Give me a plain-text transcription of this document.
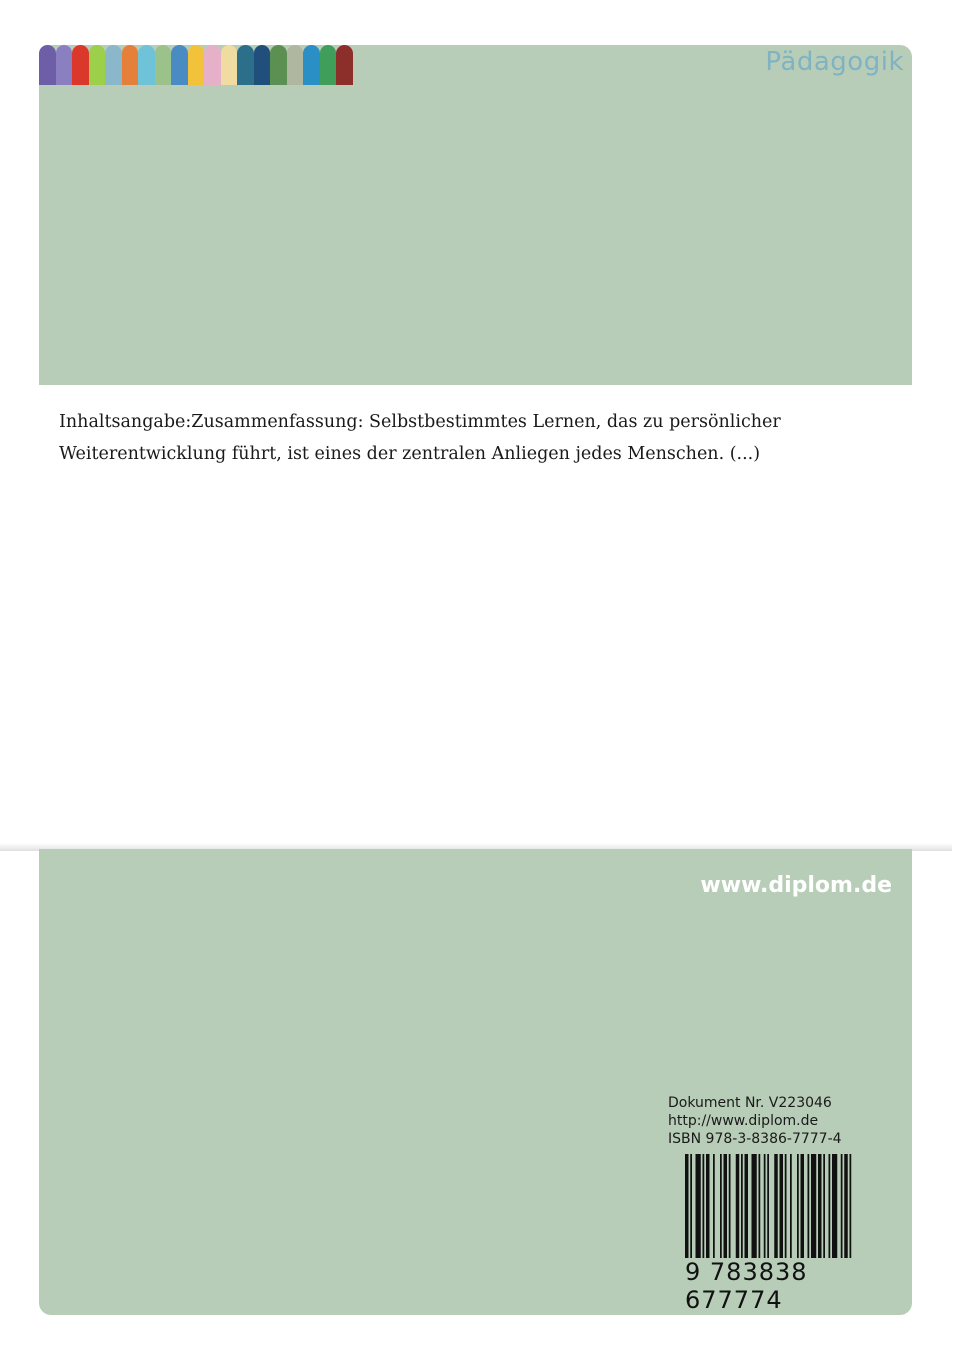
Pädagogik
Inhaltsangabe:Zusammenfassung: Selbstbestimmtes Lernen, das zu persönlicher
Weiterentwicklung führt, ist eines der zentralen Anliegen jedes Menschen. (...)
www.diplom.de
Dokument Nr. V223046
http://www.diplom.de
ISBN 978-3-8386-7777-4
9 783838 677774
